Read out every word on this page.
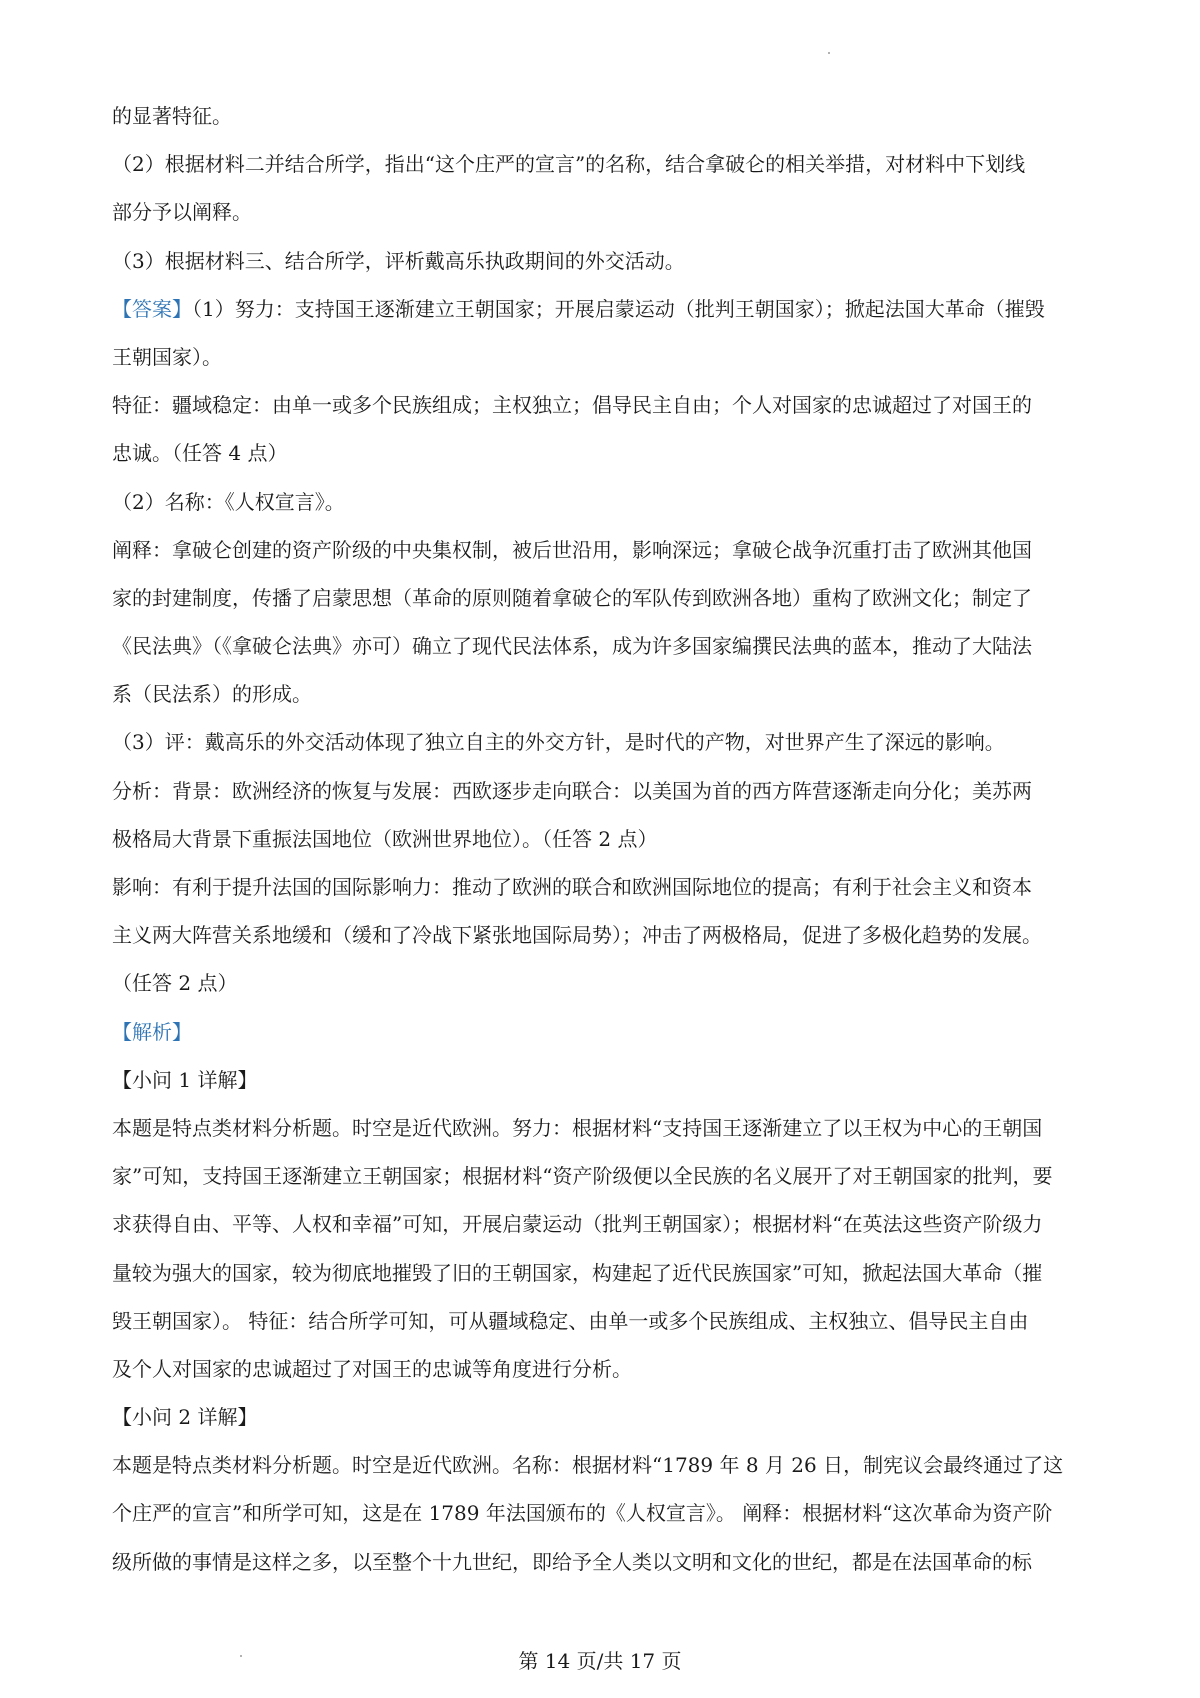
的显著特征。
（2）根据材料二并结合所学，指出“这个庄严的宣言”的名称，结合拿破仑的相关举措，对材料中下划线
部分予以阐释。
（3）根据材料三、结合所学，评析戴高乐执政期间的外交活动。
【答案】（1）努力：支持国王逐渐建立王朝国家；开展启蒙运动（批判王朝国家）；掀起法国大革命（摧毁
王朝国家）。
特征：疆域稳定：由单一或多个民族组成；主权独立；倡导民主自由；个人对国家的忠诚超过了对国王的
忠诚。（任答 4 点）
（2）名称：《人权宣言》。
阐释：拿破仑创建的资产阶级的中央集权制，被后世沿用，影响深远；拿破仑战争沉重打击了欧洲其他国
家的封建制度，传播了启蒙思想（革命的原则随着拿破仑的军队传到欧洲各地）重构了欧洲文化；制定了
《民法典》（《拿破仑法典》亦可）确立了现代民法体系，成为许多国家编撰民法典的蓝本，推动了大陆法
系（民法系）的形成。
（3）评：戴高乐的外交活动体现了独立自主的外交方针，是时代的产物，对世界产生了深远的影响。
分析：背景：欧洲经济的恢复与发展：西欧逐步走向联合：以美国为首的西方阵营逐渐走向分化；美苏两
极格局大背景下重振法国地位（欧洲世界地位）。（任答 2 点）
影响：有利于提升法国的国际影响力：推动了欧洲的联合和欧洲国际地位的提高；有利于社会主义和资本
主义两大阵营关系地缓和（缓和了冷战下紧张地国际局势）；冲击了两极格局，促进了多极化趋势的发展。
（任答 2 点）
【解析】
【小问 1 详解】
本题是特点类材料分析题。时空是近代欧洲。努力：根据材料“支持国王逐渐建立了以王权为中心的王朝国
家”可知，支持国王逐渐建立王朝国家；根据材料“资产阶级便以全民族的名义展开了对王朝国家的批判，要
求获得自由、平等、人权和幸福”可知，开展启蒙运动（批判王朝国家）；根据材料“在英法这些资产阶级力
量较为强大的国家，较为彻底地摧毁了旧的王朝国家，构建起了近代民族国家”可知，掀起法国大革命（摧
毁王朝国家）。 特征：结合所学可知，可从疆域稳定、由单一或多个民族组成、主权独立、倡导民主自由
及个人对国家的忠诚超过了对国王的忠诚等角度进行分析。
【小问 2 详解】
本题是特点类材料分析题。时空是近代欧洲。名称：根据材料“1789 年 8 月 26 日，制宪议会最终通过了这
个庄严的宣言”和所学可知，这是在 1789 年法国颁布的《人权宣言》。 阐释：根据材料“这次革命为资产阶
级所做的事情是这样之多，以至整个十九世纪，即给予全人类以文明和文化的世纪，都是在法国革命的标
第 14 页/共 17 页
